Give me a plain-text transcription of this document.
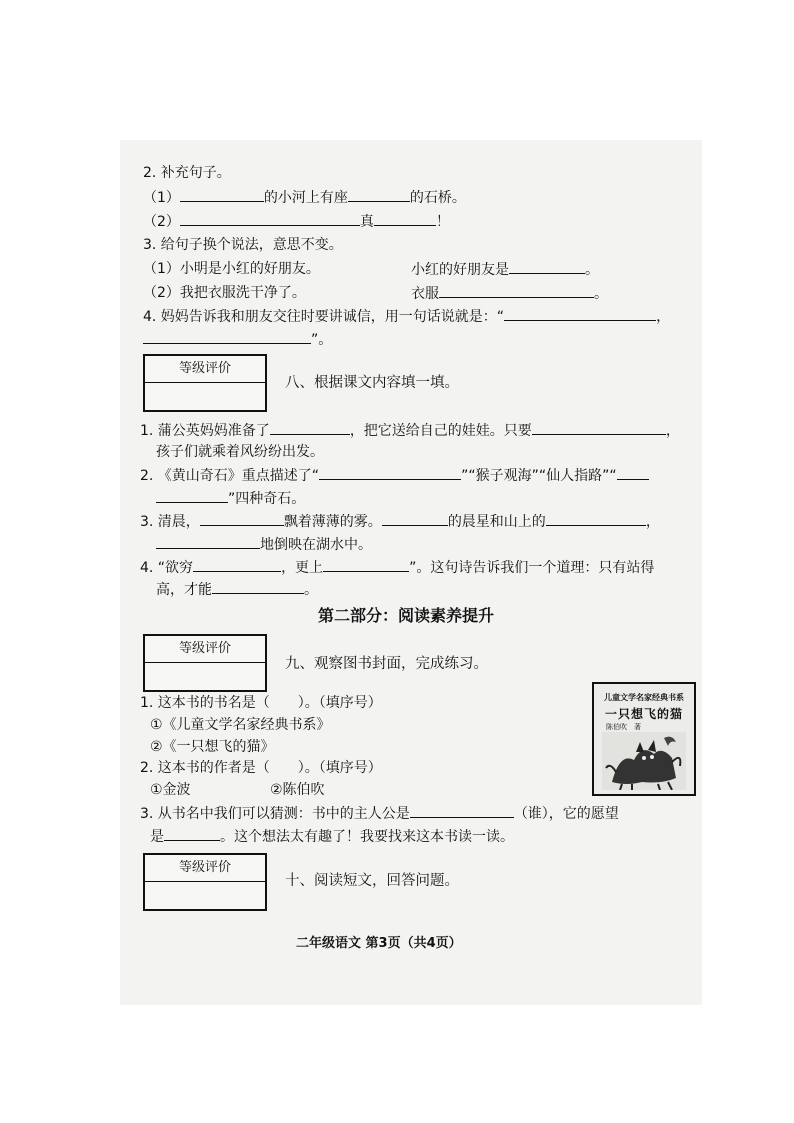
2. 补充句子。
（1）	的小河上有座	的石桥。
（2）	真	！
3. 给句子换个说法，意思不变。
（1）小明是小红的好朋友。	小红的好朋友是	。
（2）我把衣服洗干净了。	衣服	。
4. 妈妈告诉我和朋友交往时要讲诚信，用一句话说就是：“	，
”。
等级评价
八、根据课文内容填一填。
1. 蒲公英妈妈准备了	，把它送给自己的娃娃。只要	，
孩子们就乘着风纷纷出发。
2. 《黄山奇石》重点描述了“	”“猴子观海”“仙人指路”“
”四种奇石。
3. 清晨，	飘着薄薄的雾。	的晨星和山上的	，
地倒映在湖水中。
4. “欲穷	，更上	”。这句诗告诉我们一个道理：只有站得
高，才能	。
第二部分：阅读素养提升
等级评价
九、观察图书封面，完成练习。
1. 这本书的书名是（　　）。（填序号）
①《儿童文学名家经典书系》
②《一只想飞的猫》
2. 这本书的作者是（　　）。（填序号）
①金波	②陈伯吹
3. 从书名中我们可以猜测：书中的主人公是	（谁），它的愿望
是	。这个想法太有趣了！我要找来这本书读一读。
儿童文学名家经典书系
一只想飞的猫
陈伯吹　著
等级评价
十、阅读短文，回答问题。
二年级语文 第3页（共4页）
